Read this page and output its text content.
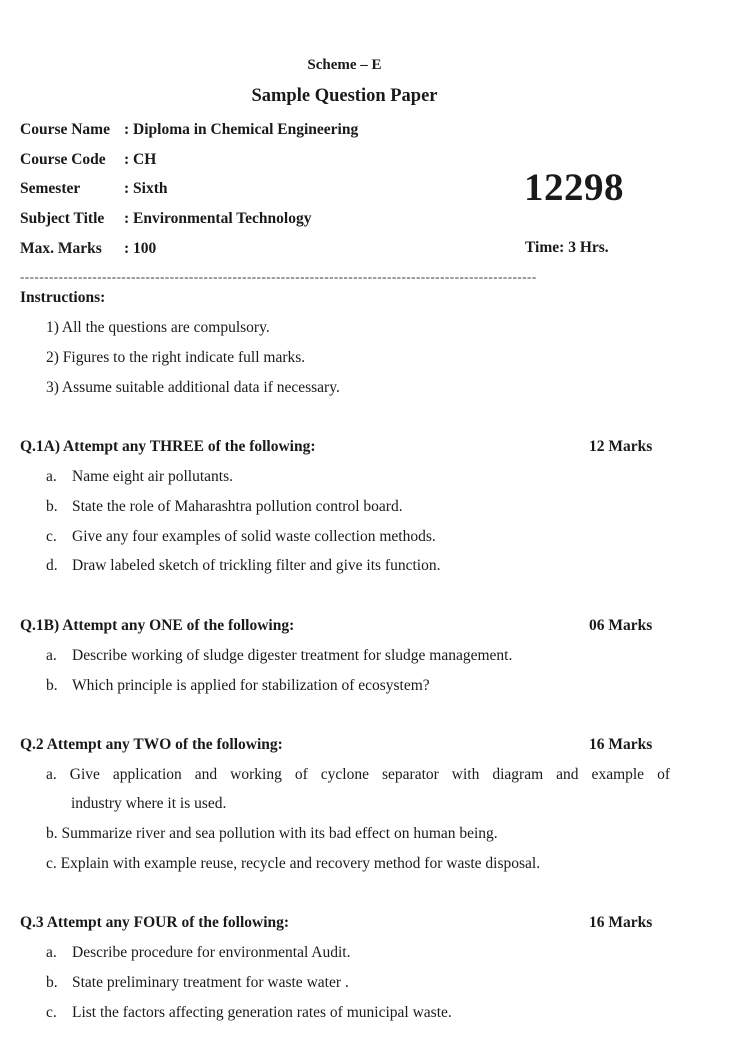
Scheme – E
Sample Question Paper
Course Name : Diploma in Chemical Engineering
Course Code : CH
Semester	: Sixth
Subject Title : Environmental Technology
Max. Marks : 100
12298
Time: 3 Hrs.
-----------------------------------------------------------------------------------------------------------
Instructions:
1) All the questions are compulsory.
2) Figures to the right indicate full marks.
3) Assume suitable additional data if necessary.
Q.1A) Attempt any THREE of the following:	12 Marks
a. Name eight air pollutants.
b. State the role of Maharashtra pollution control board.
c. Give any four examples of solid waste collection methods.
d. Draw labeled sketch of trickling filter and give its function.
Q.1B) Attempt any ONE of the following:	06 Marks
a. Describe working of sludge digester treatment for sludge management.
b. Which principle is applied for stabilization of ecosystem?
Q.2 Attempt any TWO of the following:	16 Marks
a. Give application and working of cyclone separator with diagram and example of
industry where it is used.
b. Summarize river and sea pollution with its bad effect on human being.
c. Explain with example reuse, recycle and recovery method for waste disposal.
Q.3 Attempt any FOUR of the following:	16 Marks
a. Describe procedure for environmental Audit.
b. State preliminary treatment for waste water .
c. List the factors affecting generation rates of municipal waste.
